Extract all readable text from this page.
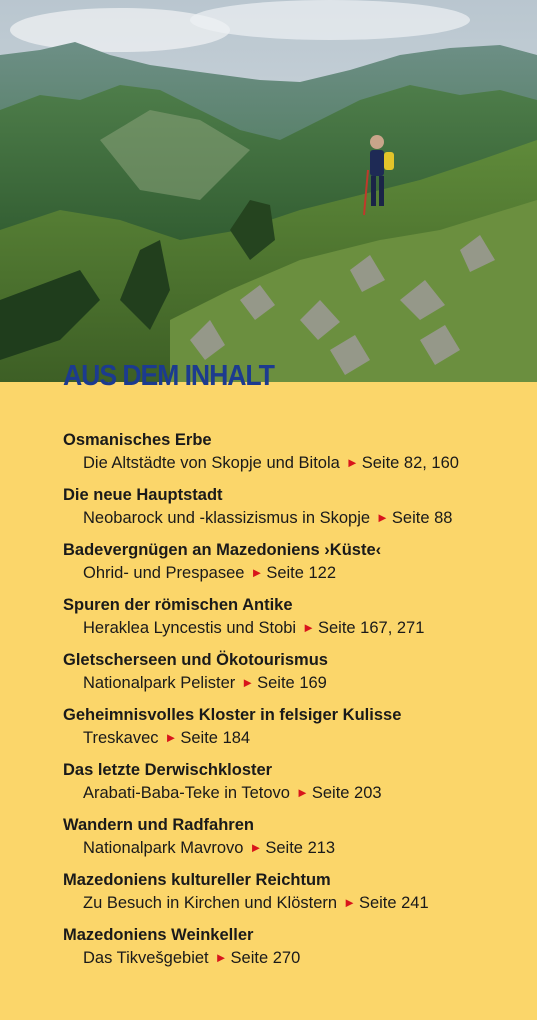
AUS DEM INHALT
Osmanisches Erbe
Die Altstädte von Skopje und Bitola ► Seite 82, 160
Die neue Hauptstadt
Neobarock und -klassizismus in Skopje ► Seite 88
Badevergnügen an Mazedoniens ›Küste‹
Ohrid- und Prespasee ► Seite 122
Spuren der römischen Antike
Heraklea Lyncestis und Stobi ► Seite 167, 271
Gletscherseen und Ökotourismus
Nationalpark Pelister ► Seite 169
Geheimnisvolles Kloster in felsiger Kulisse
Treskavec ► Seite 184
Das letzte Derwischkloster
Arabati-Baba-Teke in Tetovo ► Seite 203
Wandern und Radfahren
Nationalpark Mavrovo ► Seite 213
Mazedoniens kultureller Reichtum
Zu Besuch in Kirchen und Klöstern ► Seite 241
Mazedoniens Weinkeller
Das Tikvešgebiet ► Seite 270
